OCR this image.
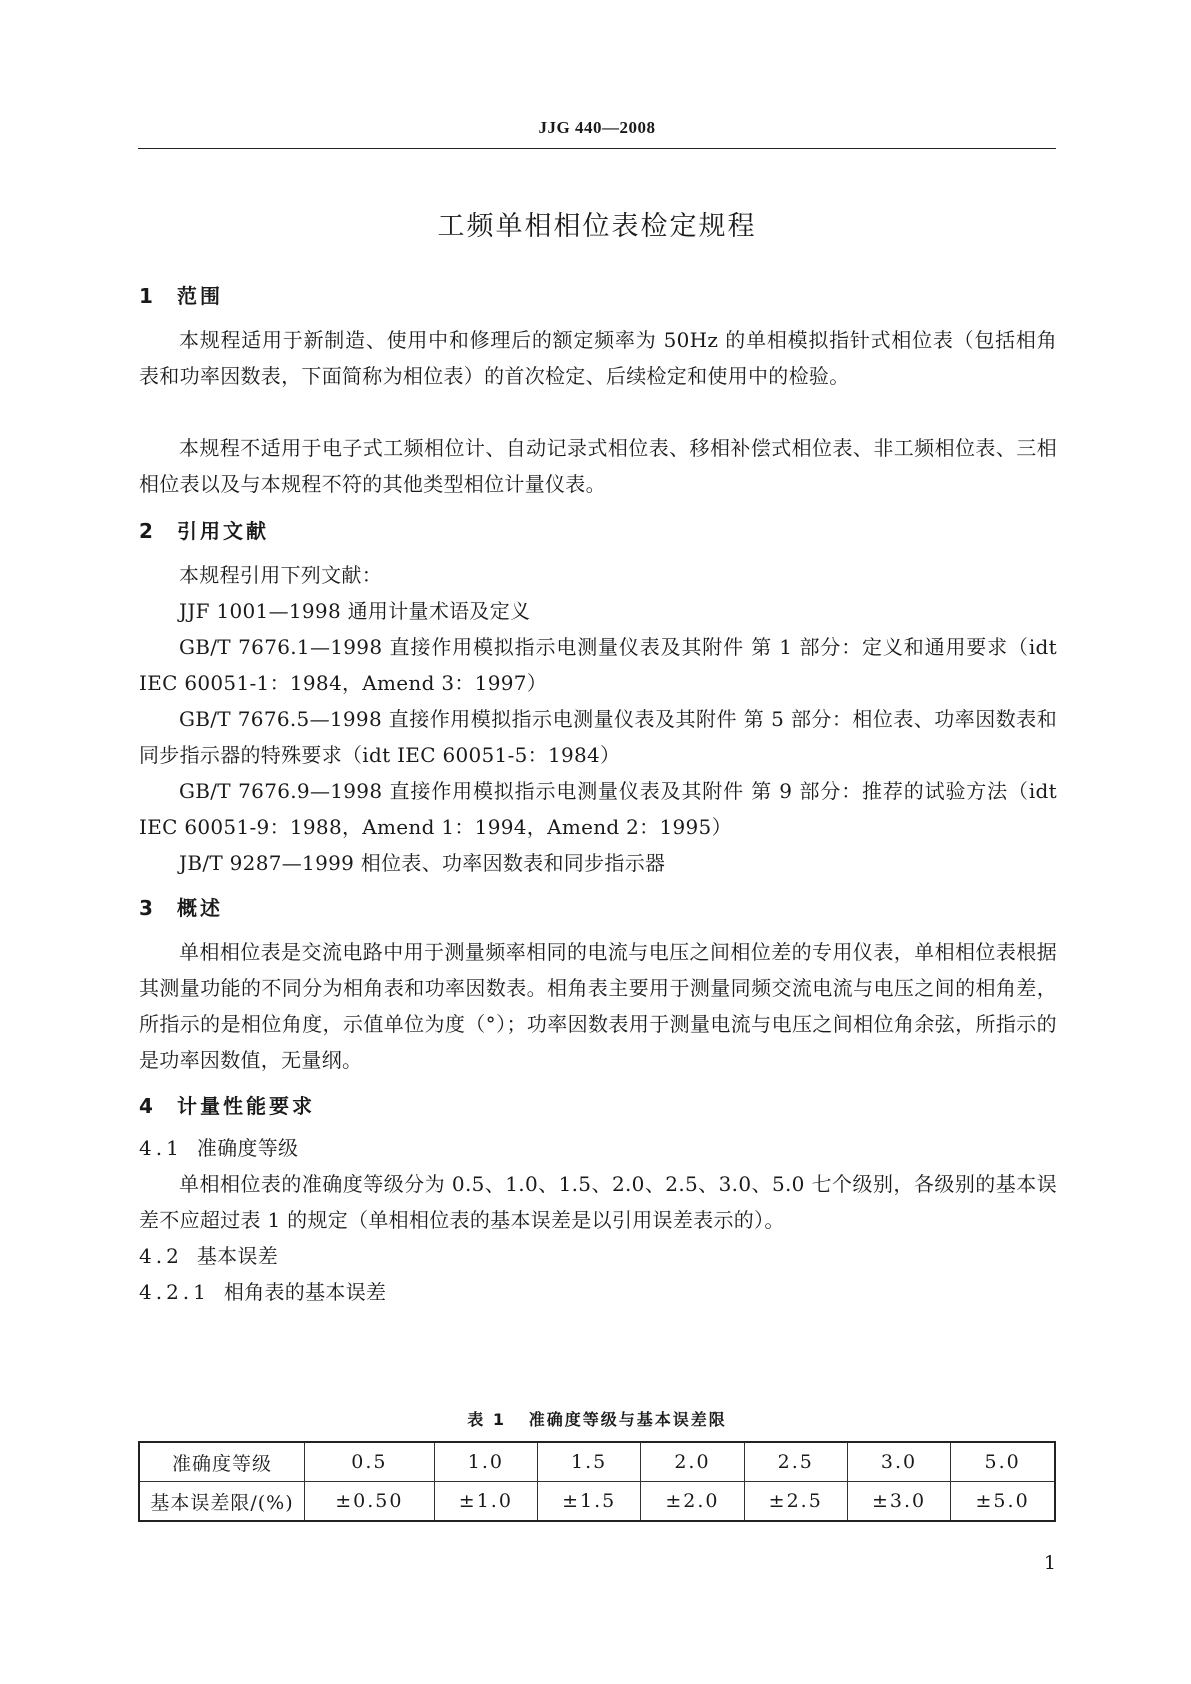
JJG 440—2008
工频单相相位表检定规程
1 范围
本规程适用于新制造、使用中和修理后的额定频率为 50Hz 的单相模拟指针式相位表（包括相角表和功率因数表，下面简称为相位表）的首次检定、后续检定和使用中的检验。
本规程不适用于电子式工频相位计、自动记录式相位表、移相补偿式相位表、非工频相位表、三相相位表以及与本规程不符的其他类型相位计量仪表。
2 引用文献
本规程引用下列文献：
JJF 1001—1998 通用计量术语及定义
GB/T 7676.1—1998 直接作用模拟指示电测量仪表及其附件 第 1 部分：定义和通用要求（idt IEC 60051-1：1984，Amend 3：1997）
GB/T 7676.5—1998 直接作用模拟指示电测量仪表及其附件 第 5 部分：相位表、功率因数表和同步指示器的特殊要求（idt IEC 60051-5：1984）
GB/T 7676.9—1998 直接作用模拟指示电测量仪表及其附件 第 9 部分：推荐的试验方法（idt IEC 60051-9：1988，Amend 1：1994，Amend 2：1995）
JB/T 9287—1999 相位表、功率因数表和同步指示器
3 概述
单相相位表是交流电路中用于测量频率相同的电流与电压之间相位差的专用仪表，单相相位表根据其测量功能的不同分为相角表和功率因数表。相角表主要用于测量同频交流电流与电压之间的相角差，所指示的是相位角度，示值单位为度（°）；功率因数表用于测量电流与电压之间相位角余弦，所指示的是功率因数值，无量纲。
4 计量性能要求
4.1 准确度等级
单相相位表的准确度等级分为 0.5、1.0、1.5、2.0、2.5、3.0、5.0 七个级别，各级别的基本误差不应超过表 1 的规定（单相相位表的基本误差是以引用误差表示的）。
4.2 基本误差
4.2.1 相角表的基本误差
表 1 准确度等级与基本误差限
准确度等级	0.5	1.0	1.5	2.0	2.5	3.0	5.0
基本误差限/(%)	±0.50	±1.0	±1.5	±2.0	±2.5	±3.0	±5.0
1
